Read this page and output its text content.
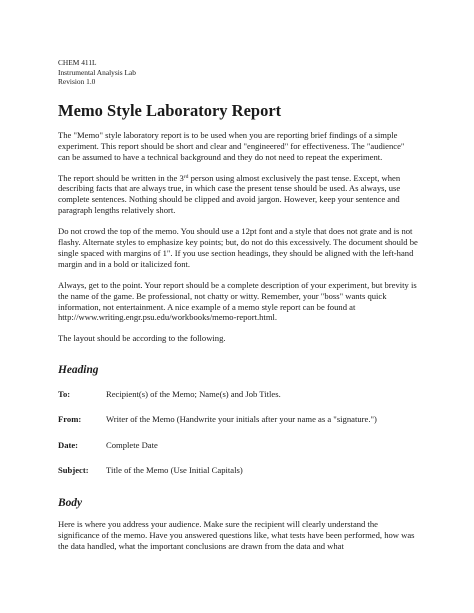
CHEM 411L
Instrumental Analysis Lab
Revision 1.0
Memo Style Laboratory Report

The "Memo" style laboratory report is to be used when you are reporting brief findings of a simple experiment. This report should be short and clear and "engineered" for effectiveness. The "audience" can be assumed to have a technical background and they do not need to repeat the experiment.

The report should be written in the 3rd person using almost exclusively the past tense. Except, when describing facts that are always true, in which case the present tense should be used. As always, use complete sentences. Nothing should be clipped and avoid jargon. However, keep your sentence and paragraph lengths relatively short.

Do not crowd the top of the memo. You should use a 12pt font and a style that does not grate and is not flashy. Alternate styles to emphasize key points; but, do not do this excessively. The document should be single spaced with margins of 1". If you use section headings, they should be aligned with the left-hand margin and in a bold or italicized font.

Always, get to the point. Your report should be a complete description of your experiment, but brevity is the name of the game. Be professional, not chatty or witty. Remember, your "boss" wants quick information, not entertainment. A nice example of a memo style report can be found at http://www.writing.engr.psu.edu/workbooks/memo-report.html.

The layout should be according to the following.

Heading
To:	Recipient(s) of the Memo; Name(s) and Job Titles.
From:	Writer of the Memo (Handwrite your initials after your name as a "signature.")
Date:	Complete Date
Subject:	Title of the Memo (Use Initial Capitals)
Body

Here is where you address your audience. Make sure the recipient will clearly understand the significance of the memo. Have you answered questions like, what tests have been performed, how was the data handled, what the important conclusions are drawn from the data and what
